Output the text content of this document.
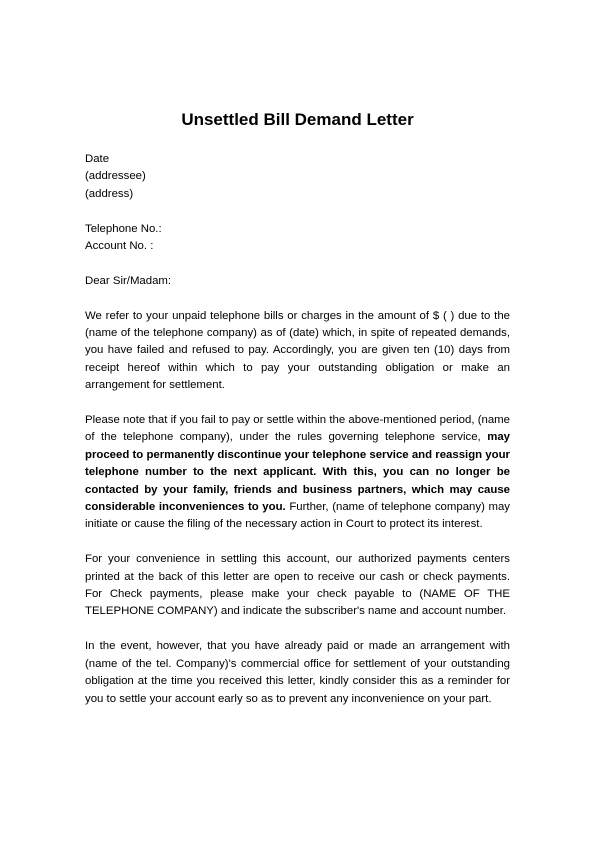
Unsettled Bill Demand Letter
Date
(addressee)
(address)
Telephone No.:
Account No. :
Dear Sir/Madam:

We refer to your unpaid telephone bills or charges in the amount of $ ( ) due to the (name of the telephone company) as of (date) which, in spite of repeated demands, you have failed and refused to pay. Accordingly, you are given ten (10) days from receipt hereof within which to pay your outstanding obligation or make an arrangement for settlement.

Please note that if you fail to pay or settle within the above-mentioned period, (name of the telephone company), under the rules governing telephone service, may proceed to permanently discontinue your telephone service and reassign your telephone number to the next applicant. With this, you can no longer be contacted by your family, friends and business partners, which may cause considerable inconveniences to you. Further, (name of telephone company) may initiate or cause the filing of the necessary action in Court to protect its interest.

For your convenience in settling this account, our authorized payments centers printed at the back of this letter are open to receive our cash or check payments. For Check payments, please make your check payable to (NAME OF THE TELEPHONE COMPANY) and indicate the subscriber's name and account number.

In the event, however, that you have already paid or made an arrangement with (name of the tel. Company)'s commercial office for settlement of your outstanding obligation at the time you received this letter, kindly consider this as a reminder for you to settle your account early so as to prevent any inconvenience on your part.
